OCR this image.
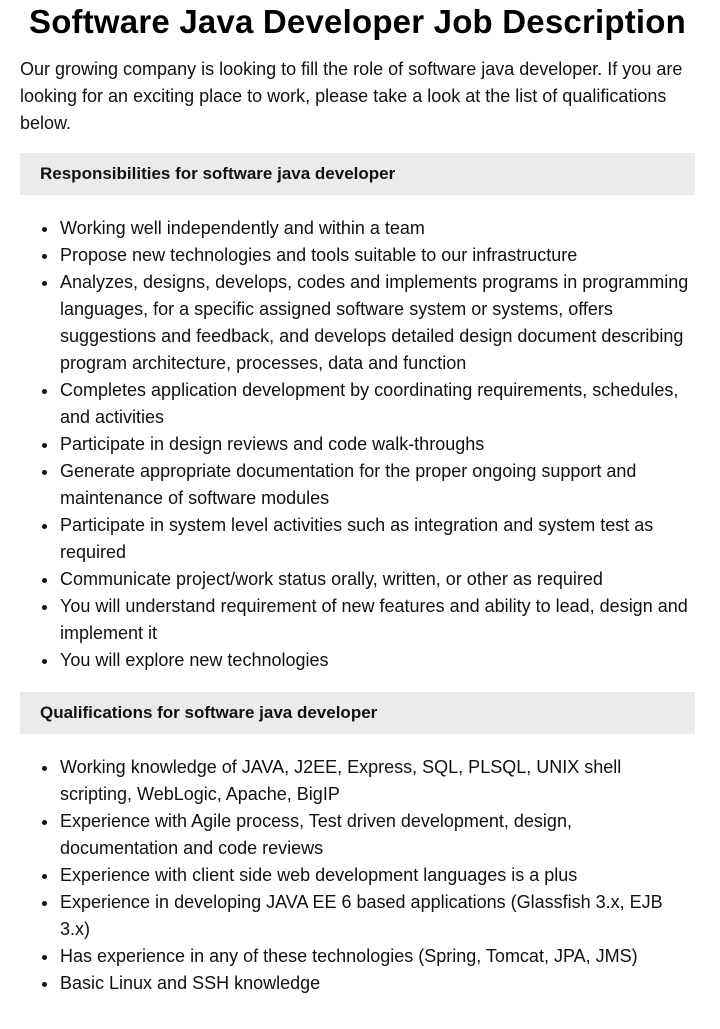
Software Java Developer Job Description

Our growing company is looking to fill the role of software java developer. If you are looking for an exciting place to work, please take a look at the list of qualifications below.

Responsibilities for software java developer
Working well independently and within a team
Propose new technologies and tools suitable to our infrastructure
Analyzes, designs, develops, codes and implements programs in programming languages, for a specific assigned software system or systems, offers suggestions and feedback, and develops detailed design document describing program architecture, processes, data and function
Completes application development by coordinating requirements, schedules, and activities
Participate in design reviews and code walk-throughs
Generate appropriate documentation for the proper ongoing support and maintenance of software modules
Participate in system level activities such as integration and system test as required
Communicate project/work status orally, written, or other as required
You will understand requirement of new features and ability to lead, design and implement it
You will explore new technologies
Qualifications for software java developer
Working knowledge of JAVA, J2EE, Express, SQL, PLSQL, UNIX shell scripting, WebLogic, Apache, BigIP
Experience with Agile process, Test driven development, design, documentation and code reviews
Experience with client side web development languages is a plus
Experience in developing JAVA EE 6 based applications (Glassfish 3.x, EJB 3.x)
Has experience in any of these technologies (Spring, Tomcat, JPA, JMS)
Basic Linux and SSH knowledge
